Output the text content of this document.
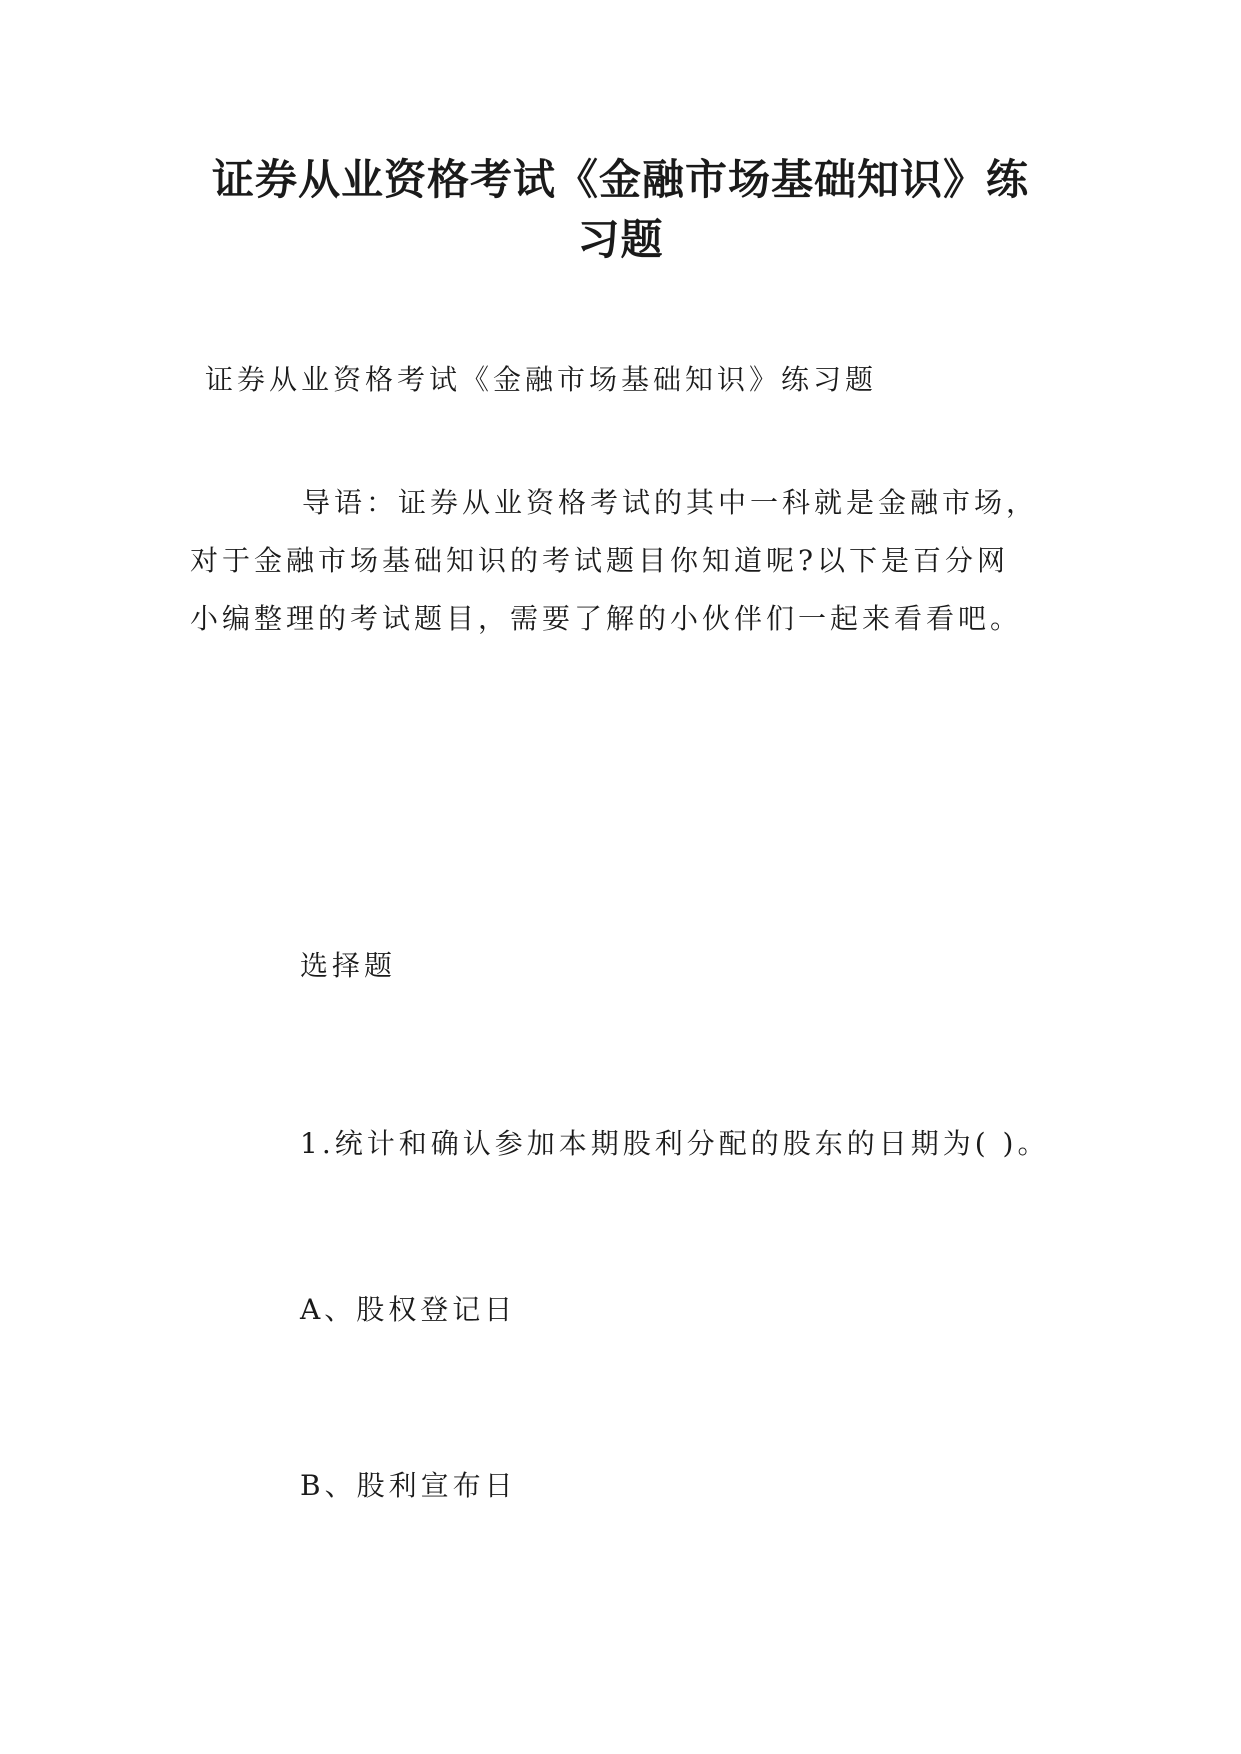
证券从业资格考试《金融市场基础知识》练
习题

证券从业资格考试《金融市场基础知识》练习题

导语：证券从业资格考试的其中一科就是金融市场，
对于金融市场基础知识的考试题目你知道呢?以下是百分网
小编整理的考试题目，需要了解的小伙伴们一起来看看吧。

选择题

1.统计和确认参加本期股利分配的股东的日期为( )。

A、股权登记日

B、股利宣布日
